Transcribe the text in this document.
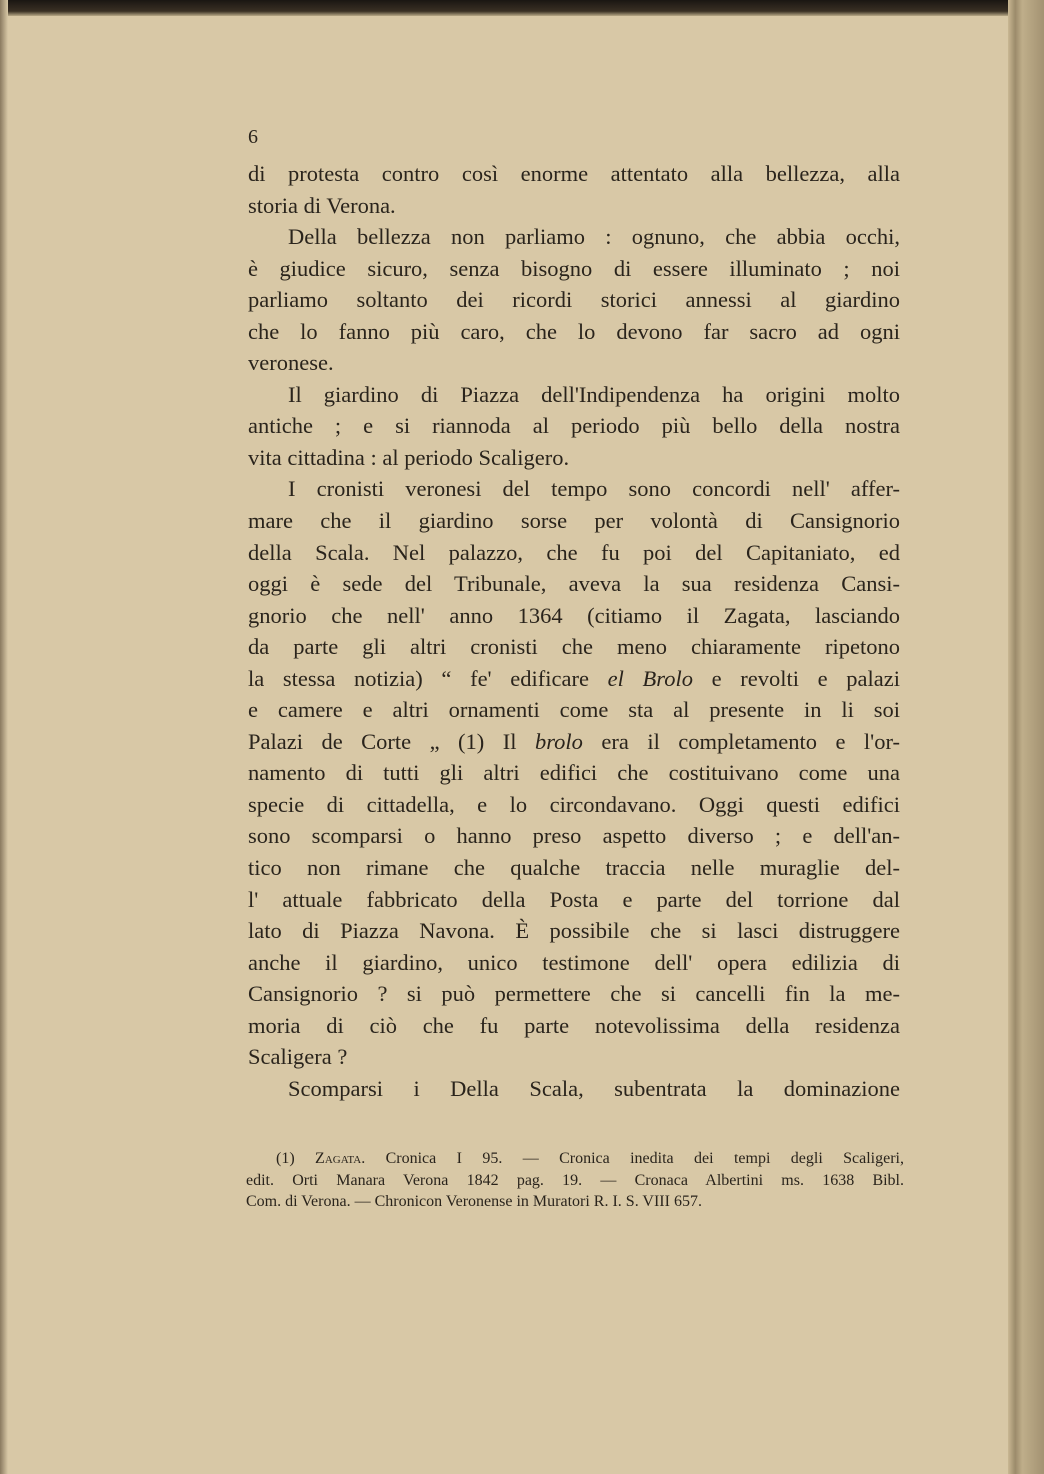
6
di protesta contro così enorme attentato alla bellezza, alla
storia di Verona.
Della bellezza non parliamo : ognuno, che abbia occhi,
è giudice sicuro, senza bisogno di essere illuminato ; noi
parliamo soltanto dei ricordi storici annessi al giardino
che lo fanno più caro, che lo devono far sacro ad ogni
veronese.
Il giardino di Piazza dell'Indipendenza ha origini molto
antiche ; e si riannoda al periodo più bello della nostra
vita cittadina : al periodo Scaligero.
I cronisti veronesi del tempo sono concordi nell' affer-
mare che il giardino sorse per volontà di Cansignorio
della Scala. Nel palazzo, che fu poi del Capitaniato, ed
oggi è sede del Tribunale, aveva la sua residenza Cansi-
gnorio che nell' anno 1364 (citiamo il Zagata, lasciando
da parte gli altri cronisti che meno chiaramente ripetono
la stessa notizia) “ fe' edificare el Brolo e revolti e palazi
e camere e altri ornamenti come sta al presente in li soi
Palazi de Corte „ (1) Il brolo era il completamento e l'or-
namento di tutti gli altri edifici che costituivano come una
specie di cittadella, e lo circondavano. Oggi questi edifici
sono scomparsi o hanno preso aspetto diverso ; e dell'an-
tico non rimane che qualche traccia nelle muraglie del-
l' attuale fabbricato della Posta e parte del torrione dal
lato di Piazza Navona. È possibile che si lasci distruggere
anche il giardino, unico testimone dell' opera edilizia di
Cansignorio ? si può permettere che si cancelli fin la me-
moria di ciò che fu parte notevolissima della residenza
Scaligera ?
Scomparsi i Della Scala, subentrata la dominazione
(1) Zagata. Cronica I 95. — Cronica inedita dei tempi degli Scaligeri,
edit. Orti Manara Verona 1842 pag. 19. — Cronaca Albertini ms. 1638 Bibl.
Com. di Verona. — Chronicon Veronense in Muratori R. I. S. VIII 657.
